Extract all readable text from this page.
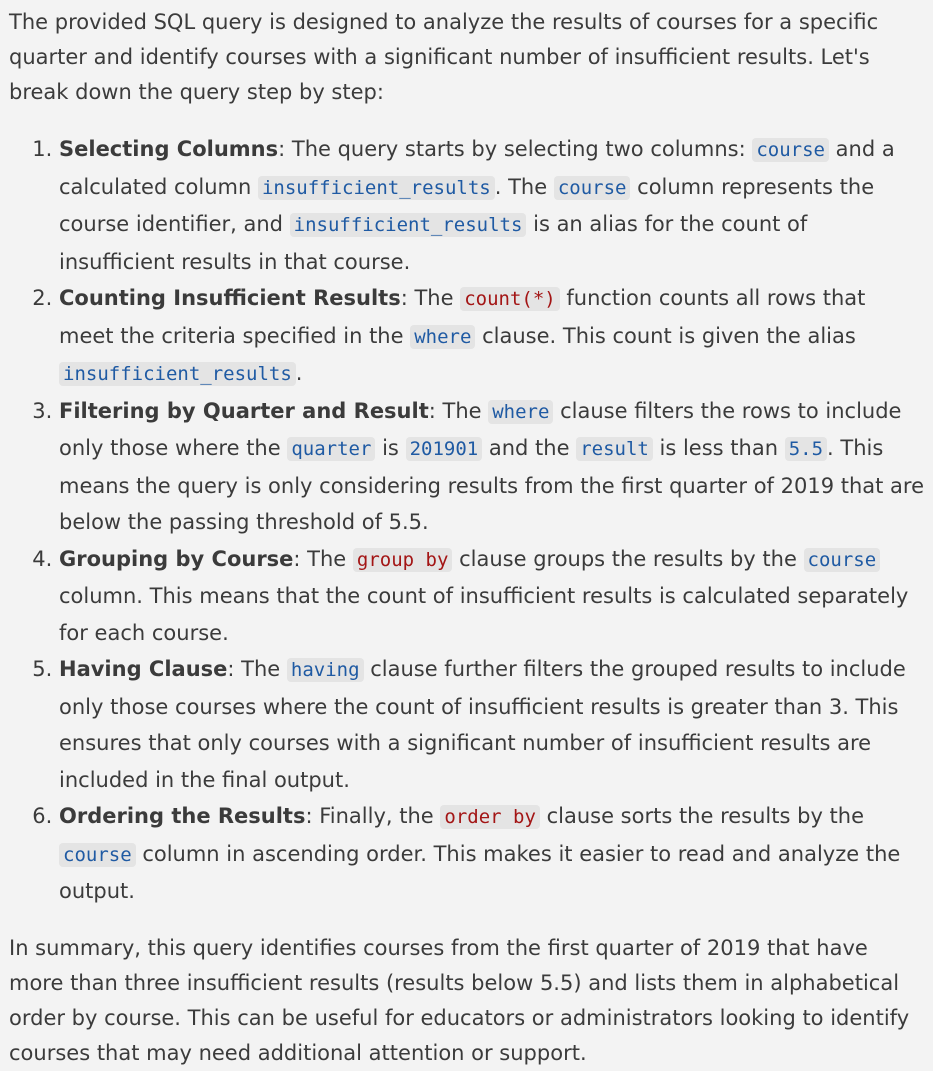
The provided SQL query is designed to analyze the results of courses for a specific quarter and identify courses with a significant number of insufficient results. Let's break down the query step by step:

1. Selecting Columns: The query starts by selecting two columns: course and a calculated column insufficient_results . The course column represents the course identifier, and insufficient_results is an alias for the count of insufficient results in that course.
2. Counting Insufficient Results: The count(*) function counts all rows that meet the criteria specified in the where clause. This count is given the alias insufficient_results .
3. Filtering by Quarter and Result: The where clause filters the rows to include only those where the quarter is 201901 and the result is less than 5.5 . This means the query is only considering results from the first quarter of 2019 that are below the passing threshold of 5.5.
4. Grouping by Course: The group by clause groups the results by the course column. This means that the count of insufficient results is calculated separately for each course.
5. Having Clause: The having clause further filters the grouped results to include only those courses where the count of insufficient results is greater than 3. This ensures that only courses with a significant number of insufficient results are included in the final output.
6. Ordering the Results: Finally, the order by clause sorts the results by the course column in ascending order. This makes it easier to read and analyze the output.

In summary, this query identifies courses from the first quarter of 2019 that have more than three insufficient results (results below 5.5) and lists them in alphabetical order by course. This can be useful for educators or administrators looking to identify courses that may need additional attention or support.
